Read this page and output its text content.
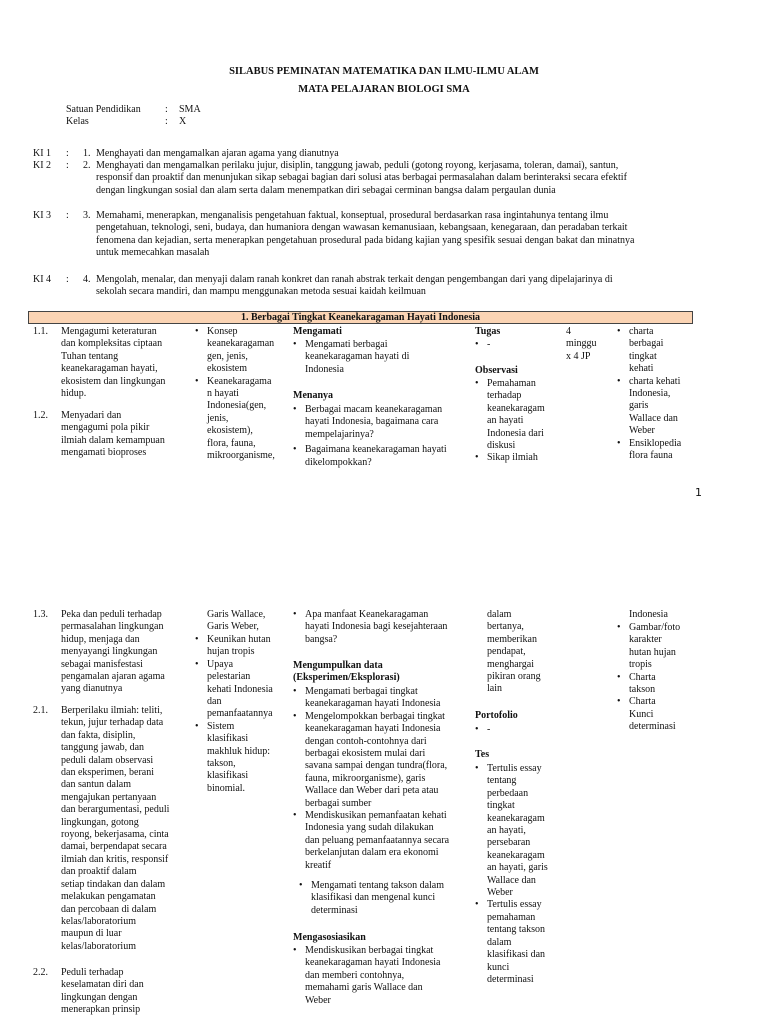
SILABUS PEMINATAN MATEMATIKA DAN ILMU-ILMU ALAM
MATA PELAJARAN BIOLOGI SMA
Satuan Pendidikan : SMA
Kelas	: X
KI 1 : 1. Menghayati dan mengamalkan ajaran agama yang dianutnya
KI 2 : 2. Menghayati dan mengamalkan perilaku jujur, disiplin, tanggung jawab, peduli (gotong royong, kerjasama, toleran, damai), santun,
responsif dan proaktif dan menunjukan sikap sebagai bagian dari solusi atas berbagai permasalahan dalam berinteraksi secara efektif
dengan lingkungan sosial dan alam serta dalam menempatkan diri sebagai cerminan bangsa dalam pergaulan dunia
KI 3 : 3. Memahami, menerapkan, menganalisis pengetahuan faktual, konseptual, prosedural berdasarkan rasa ingintahunya tentang ilmu
pengetahuan, teknologi, seni, budaya, dan humaniora dengan wawasan kemanusiaan, kebangsaan, kenegaraan, dan peradaban terkait
fenomena dan kejadian, serta menerapkan pengetahuan prosedural pada bidang kajian yang spesifik sesuai dengan bakat dan minatnya
untuk memecahkan masalah
KI 4 : 4. Mengolah, menalar, dan menyaji dalam ranah konkret dan ranah abstrak terkait dengan pengembangan dari yang dipelajarinya di
sekolah secara mandiri, dan mampu menggunakan metoda sesuai kaidah keilmuan
1. Berbagai Tingkat Keanekaragaman Hayati Indonesia
1.1. Mengagumi keteraturan
dan kompleksitas ciptaan
Tuhan tentang
keanekaragaman hayati,
ekosistem dan lingkungan
hidup.
1.2. Menyadari dan
mengagumi pola pikir
ilmiah dalam kemampuan
mengamati bioproses
• Konsep
keanekaragaman
gen, jenis,
ekosistem
• Keanekaragama
n hayati
Indonesia(gen,
jenis,
ekosistem),
flora, fauna,
mikroorganisme,
Mengamati
• Mengamati berbagai
keanekaragaman hayati di
Indonesia
Menanya
• Berbagai macam keanekaragaman
hayati Indonesia, bagaimana cara
mempelajarinya?
• Bagaimana keanekaragaman hayati
dikelompokkan?
Tugas
• -
Observasi
• Pemahaman
terhadap
keanekaragam
an hayati
Indonesia dari
diskusi
• Sikap ilmiah
4
minggu
x 4 JP
• charta
berbagai
tingkat
kehati
• charta kehati
Indonesia,
garis
Wallace dan
Weber
• Ensiklopedia
flora fauna
1
1.3. Peka dan peduli terhadap
permasalahan lingkungan
hidup, menjaga dan
menyayangi lingkungan
sebagai manisfestasi
pengamalan ajaran agama
yang dianutnya
2.1. Berperilaku ilmiah: teliti,
tekun, jujur terhadap data
dan fakta, disiplin,
tanggung jawab, dan
peduli dalam observasi
dan eksperimen, berani
dan santun dalam
mengajukan pertanyaan
dan berargumentasi, peduli
lingkungan, gotong
royong, bekerjasama, cinta
damai, berpendapat secara
ilmiah dan kritis, responsif
dan proaktif dalam
setiap tindakan dan dalam
melakukan pengamatan
dan percobaan di dalam
kelas/laboratorium
maupun di luar
kelas/laboratorium
2.2. Peduli terhadap
keselamatan diri dan
lingkungan dengan
menerapkan prinsip
Garis Wallace,
Garis Weber,
• Keunikan hutan
hujan tropis
• Upaya
pelestarian
kehati Indonesia
dan
pemanfaatannya
• Sistem
klasifikasi
makhluk hidup:
takson,
klasifikasi
binomial.
• Apa manfaat Keanekaragaman
hayati Indonesia bagi kesejahteraan
bangsa?
Mengumpulkan data
(Eksperimen/Eksplorasi)
• Mengamati berbagai tingkat
keanekaragaman hayati Indonesia
• Mengelompokkan berbagai tingkat
keanekaragaman hayati Indonesia
dengan contoh-contohnya dari
berbagai ekosistem mulai dari
savana sampai dengan tundra(flora,
fauna, mikroorganisme), garis
Wallace dan Weber dari peta atau
berbagai sumber
• Mendiskusikan pemanfaatan kehati
Indonesia yang sudah dilakukan
dan peluang pemanfaatannya secara
berkelanjutan dalam era ekonomi
kreatif
• Mengamati tentang takson dalam
klasifikasi dan mengenal kunci
determinasi
Mengasosiasikan
• Mendiskusikan berbagai tingkat
keanekaragaman hayati Indonesia
dan memberi contohnya,
memahami garis Wallace dan
Weber
dalam
bertanya,
memberikan
pendapat,
menghargai
pikiran orang
lain
Portofolio
• -
Tes
• Tertulis essay
tentang
perbedaan
tingkat
keanekaragam
an hayati,
persebaran
keanekaragam
an hayati, garis
Wallace dan
Weber
• Tertulis essay
pemahaman
tentang takson
dalam
klasifikasi dan
kunci
determinasi
Indonesia
• Gambar/foto
karakter
hutan hujan
tropis
• Charta
takson
• Charta
Kunci
determinasi
